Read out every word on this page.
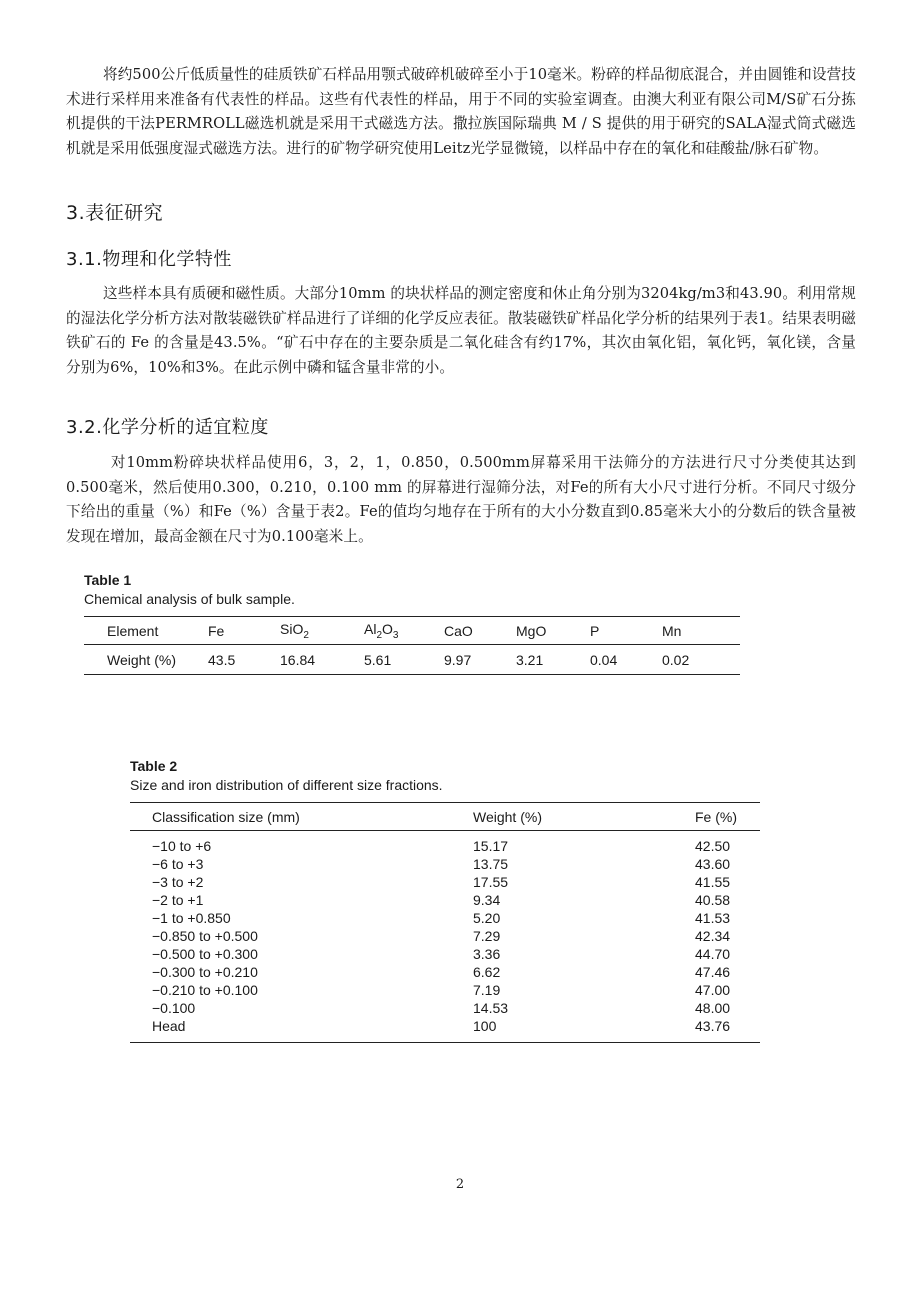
将约500公斤低质量性的硅质铁矿石样品用颚式破碎机破碎至小于10毫米。粉碎的样品彻底混合，并由圆锥和设营技术进行采样用来准备有代表性的样品。这些有代表性的样品，用于不同的实验室调查。由澳大利亚有限公司M/S矿石分拣机提供的干法PERMROLL磁选机就是采用干式磁选方法。撒拉族国际瑞典 M / S 提供的用于研究的SALA湿式筒式磁选机就是采用低强度湿式磁选方法。进行的矿物学研究使用Leitz光学显微镜，以样品中存在的氧化和硅酸盐/脉石矿物。
3.表征研究
3.1.物理和化学特性
这些样本具有质硬和磁性质。大部分10mm 的块状样品的测定密度和休止角分别为3204kg/m3和43.90。利用常规的湿法化学分析方法对散装磁铁矿样品进行了详细的化学反应表征。散装磁铁矿样品化学分析的结果列于表1。结果表明磁铁矿石的 Fe 的含量是43.5%。“矿石中存在的主要杂质是二氧化硅含有约17%，其次由氧化铝，氧化钙，氧化镁，含量分别为6%，10%和3%。在此示例中磷和锰含量非常的小。
3.2.化学分析的适宜粒度
对10mm粉碎块状样品使用6，3，2，1，0.850，0.500mm屏幕采用干法筛分的方法进行尺寸分类使其达到0.500毫米，然后使用0.300，0.210，0.100 mm 的屏幕进行湿筛分法，对Fe的所有大小尺寸进行分析。不同尺寸级分下给出的重量（%）和Fe（%）含量于表2。Fe的值均匀地存在于所有的大小分数直到0.85毫米大小的分数后的铁含量被发现在增加，最高金额在尺寸为0.100毫米上。
Table 1
Chemical analysis of bulk sample.
Element	Fe	SiO$_2$	$Al_2O_3$	CaO	MgO	P	Mn
Weight (%)	43.5	16.84	5.61	9.97	3.21	0.04	0.02
Table 2
Size and iron distribution of different size fractions.
Classification size (mm)	Weight (%)	Fe (%)
−10 to +6	15.17	42.50
−6 to +3	13.75	43.60
−3 to +2	17.55	41.55
−2 to +1	9.34	40.58
−1 to +0.850	5.20	41.53
−0.850 to +0.500	7.29	42.34
−0.500 to +0.300	3.36	44.70
−0.300 to +0.210	6.62	47.46
−0.210 to +0.100	7.19	47.00
−0.100	14.53	48.00
Head	100	43.76
2
